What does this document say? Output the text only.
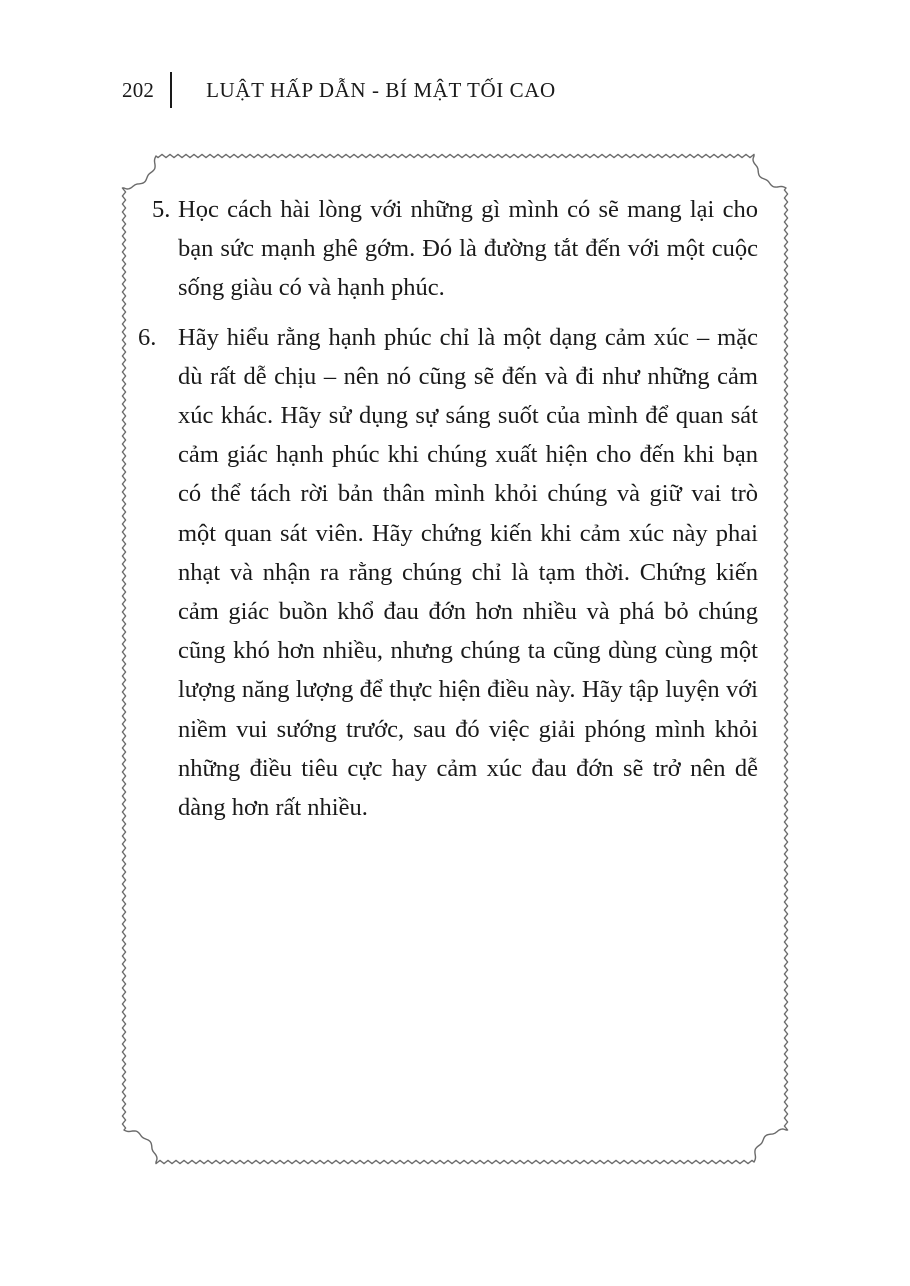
202 LUẬT HẤP DẪN - BÍ MẬT TỐI CAO
5. Học cách hài lòng với những gì mình có sẽ mang lại cho bạn sức mạnh ghê gớm. Đó là đường tắt đến với một cuộc sống giàu có và hạnh phúc.
6. Hãy hiểu rằng hạnh phúc chỉ là một dạng cảm xúc – mặc dù rất dễ chịu – nên nó cũng sẽ đến và đi như những cảm xúc khác. Hãy sử dụng sự sáng suốt của mình để quan sát cảm giác hạnh phúc khi chúng xuất hiện cho đến khi bạn có thể tách rời bản thân mình khỏi chúng và giữ vai trò một quan sát viên. Hãy chứng kiến khi cảm xúc này phai nhạt và nhận ra rằng chúng chỉ là tạm thời. Chứng kiến cảm giác buồn khổ đau đớn hơn nhiều và phá bỏ chúng cũng khó hơn nhiều, nhưng chúng ta cũng dùng cùng một lượng năng lượng để thực hiện điều này. Hãy tập luyện với niềm vui sướng trước, sau đó việc giải phóng mình khỏi những điều tiêu cực hay cảm xúc đau đớn sẽ trở nên dễ dàng hơn rất nhiều.
